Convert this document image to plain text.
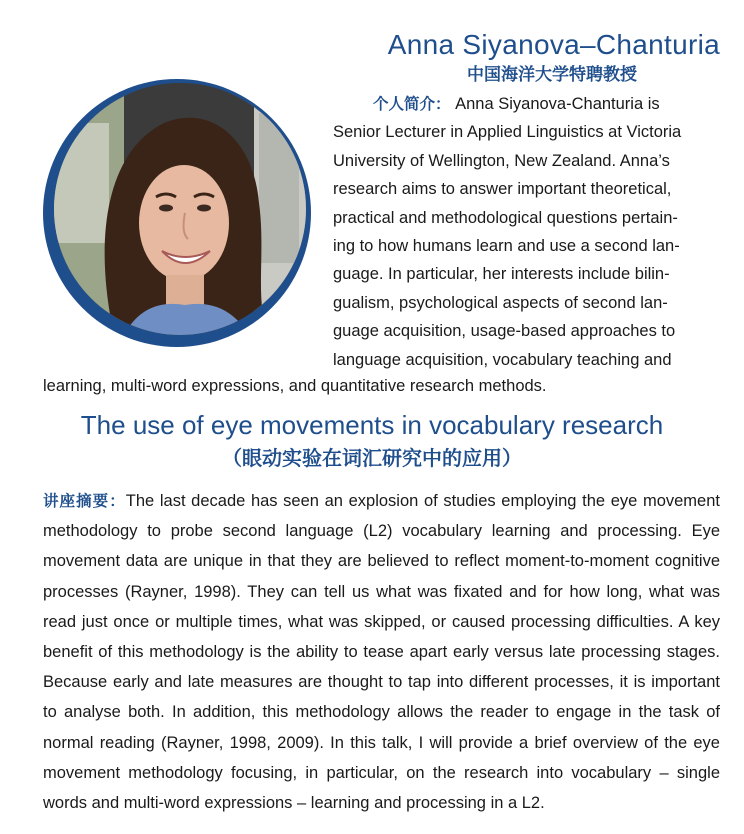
Anna Siyanova–Chanturia
中国海洋大学特聘教授
个人简介： Anna Siyanova-Chanturia is
Senior Lecturer in Applied Linguistics at Victoria
University of Wellington, New Zealand. Anna’s
research aims to answer important theoretical,
practical and methodological questions pertain-
ing to how humans learn and use a second lan-
guage. In particular, her interests include bilin-
gualism, psychological aspects of second lan-
guage acquisition, usage-based approaches to
language acquisition, vocabulary teaching and
learning, multi-word expressions, and quantitative research methods.
The use of eye movements in vocabulary research
（眼动实验在词汇研究中的应用）
讲座摘要：The last decade has seen an explosion of studies employing the eye movement methodology to probe second language (L2) vocabulary learning and processing. Eye movement data are unique in that they are believed to reflect moment-to-moment cognitive processes (Rayner, 1998). They can tell us what was fixated and for how long, what was read just once or multiple times, what was skipped, or caused processing difficulties. A key benefit of this methodology is the ability to tease apart early versus late processing stages. Because early and late measures are thought to tap into different processes, it is important to analyse both. In addition, this methodology allows the reader to engage in the task of normal reading (Rayner, 1998, 2009). In this talk, I will provide a brief overview of the eye movement methodology focusing, in particular, on the research into vocabulary – single words and multi-word expressions – learning and processing in a L2.
